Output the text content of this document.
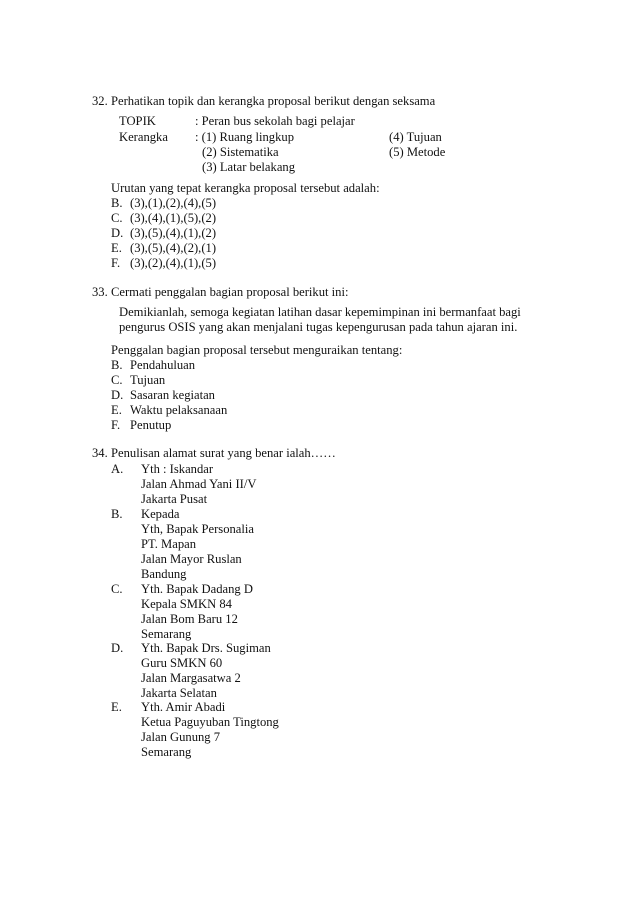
32. Perhatikan topik dan kerangka proposal berikut dengan seksama
TOPIK	: Peran bus sekolah bagi pelajar
Kerangka : (1) Ruang lingkup
(2) Sistematika
(3) Latar belakang
(4) Tujuan
(5) Metode
Urutan yang tepat kerangka proposal tersebut adalah:
B. (3),(1),(2),(4),(5)
C. (3),(4),(1),(5),(2)
D. (3),(5),(4),(1),(2)
E. (3),(5),(4),(2),(1)
F. (3),(2),(4),(1),(5)
33. Cermati penggalan bagian proposal berikut ini:
Demikianlah, semoga kegiatan latihan dasar kepemimpinan ini bermanfaat bagi
pengurus OSIS yang akan menjalani tugas kepengurusan pada tahun ajaran ini.
Penggalan bagian proposal tersebut menguraikan tentang:
B. Pendahuluan
C. Tujuan
D. Sasaran kegiatan
E. Waktu pelaksanaan
F. Penutup
34. Penulisan alamat surat yang benar ialah……
A. Yth : Iskandar
Jalan Ahmad Yani II/V
Jakarta Pusat
B. Kepada
Yth, Bapak Personalia
PT. Mapan
Jalan Mayor Ruslan
Bandung
C. Yth. Bapak Dadang D
Kepala SMKN 84
Jalan Bom Baru 12
Semarang
D. Yth. Bapak Drs. Sugiman
Guru SMKN 60
Jalan Margasatwa 2
Jakarta Selatan
E. Yth. Amir Abadi
Ketua Paguyuban Tingtong
Jalan Gunung 7
Semarang
